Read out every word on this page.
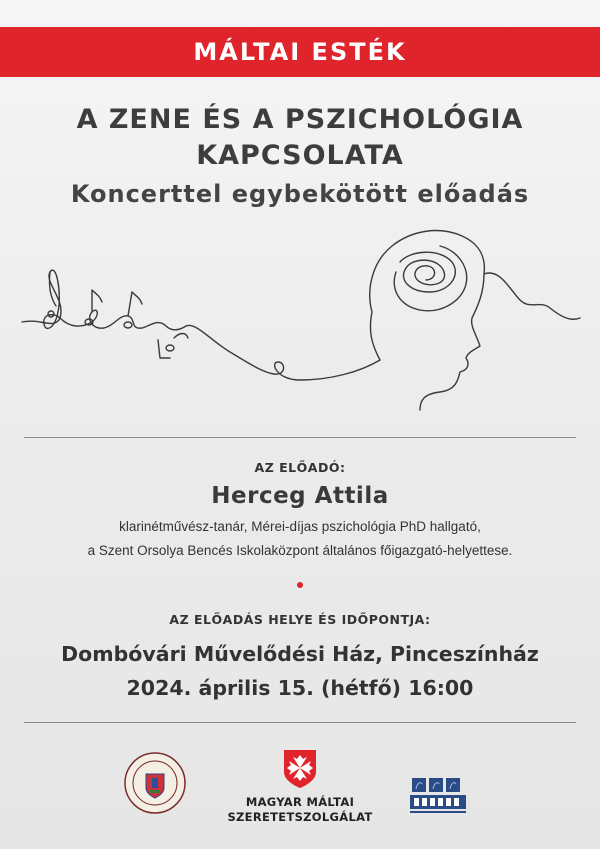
MÁLTAI ESTÉK
A ZENE ÉS A PSZICHOLÓGIA
KAPCSOLATA
Koncerttel egybekötött előadás
AZ ELŐADÓ:
Herceg Attila
klarinétművész-tanár, Mérei-díjas pszichológia PhD hallgató,
a Szent Orsolya Bencés Iskolaközpont általános főigazgató-helyettese.
AZ ELŐADÁS HELYE ÉS IDŐPONTJA:
Dombóvári Művelődési Ház, Pinceszínház
2024. április 15. (hétfő) 16:00
MAGYAR MÁLTAI
SZERETETSZOLGÁLAT
